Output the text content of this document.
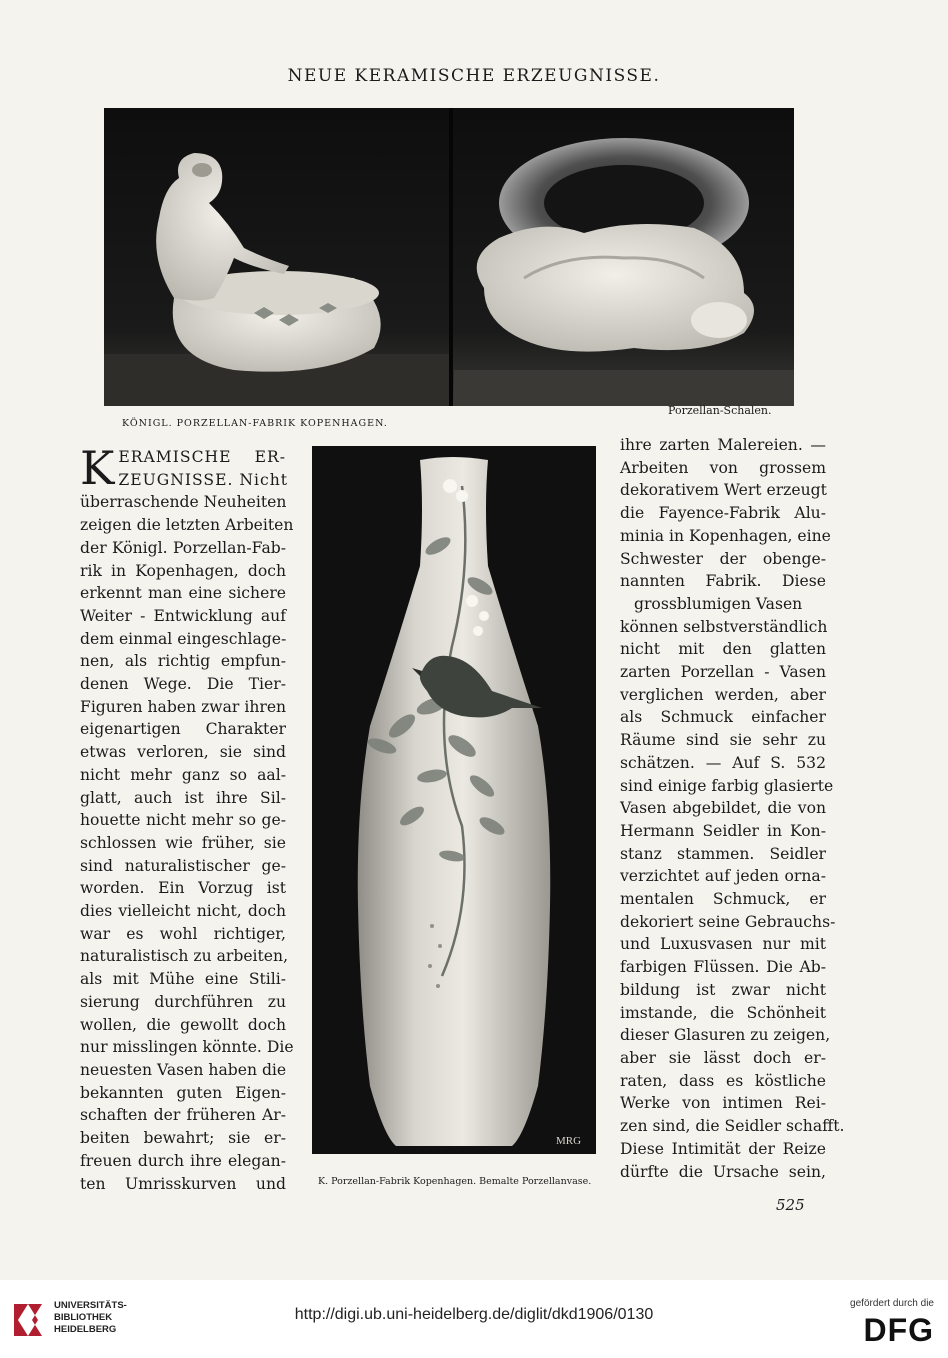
NEUE KERAMISCHE ERZEUGNISSE.
KÖNIGL. PORZELLAN-FABRIK KOPENHAGEN.
Porzellan-Schalen.
K ERAMISCHE ER-
ZEUGNISSE. Nicht
überraschende Neuheiten
zeigen die letzten Arbeiten
der Königl. Porzellan-Fab-
rik in Kopenhagen, doch
erkennt man eine sichere
Weiter - Entwicklung auf
dem einmal eingeschlage-
nen, als richtig empfun-
denen Wege. Die Tier-
Figuren haben zwar ihren
eigenartigen Charakter
etwas verloren, sie sind
nicht mehr ganz so aal-
glatt, auch ist ihre Sil-
houette nicht mehr so ge-
schlossen wie früher, sie
sind naturalistischer ge-
worden. Ein Vorzug ist
dies vielleicht nicht, doch
war es wohl richtiger,
naturalistisch zu arbeiten,
als mit Mühe eine Stili-
sierung durchführen zu
wollen, die gewollt doch
nur misslingen könnte. Die
neuesten Vasen haben die
bekannten guten Eigen-
schaften der früheren Ar-
beiten bewahrt; sie er-
freuen durch ihre elegan-
ten Umrisskurven und
MRG
K. Porzellan-Fabrik Kopenhagen. Bemalte Porzellanvase.
ihre zarten Malereien. —
Arbeiten von grossem
dekorativem Wert erzeugt
die Fayence-Fabrik Alu-
minia in Kopenhagen, eine
Schwester der obenge-
nannten Fabrik. Diese
grossblumigen Vasen
können selbstverständlich
nicht mit den glatten
zarten Porzellan - Vasen
verglichen werden, aber
als Schmuck einfacher
Räume sind sie sehr zu
schätzen. — Auf S. 532
sind einige farbig glasierte
Vasen abgebildet, die von
Hermann Seidler in Kon-
stanz stammen. Seidler
verzichtet auf jeden orna-
mentalen Schmuck, er
dekoriert seine Gebrauchs-
und Luxusvasen nur mit
farbigen Flüssen. Die Ab-
bildung ist zwar nicht
imstande, die Schönheit
dieser Glasuren zu zeigen,
aber sie lässt doch er-
raten, dass es köstliche
Werke von intimen Rei-
zen sind, die Seidler schafft.
Diese Intimität der Reize
dürfte die Ursache sein,
525
UNIVERSITÄTS-
BIBLIOTHEK
HEIDELBERG
http://digi.ub.uni-heidelberg.de/diglit/dkd1906/0130
gefördert durch die
DFG
